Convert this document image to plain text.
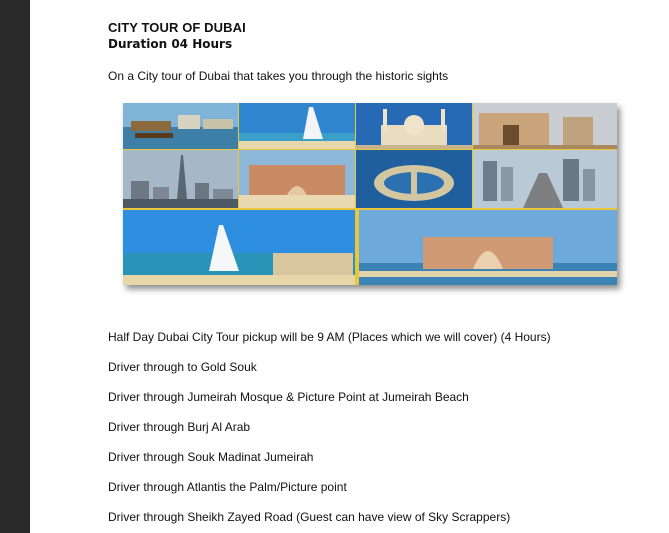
CITY TOUR OF DUBAI
Duration 04 Hours
On a City tour of Dubai that takes you through the historic sights
Half Day Dubai City Tour pickup will be 9 AM (Places which we will cover) (4 Hours)
Driver through to Gold Souk
Driver through Jumeirah Mosque & Picture Point at Jumeirah Beach
Driver through Burj Al Arab
Driver through Souk Madinat Jumeirah
Driver through Atlantis the Palm/Picture point
Driver through Sheikh Zayed Road (Guest can have view of Sky Scrappers)
